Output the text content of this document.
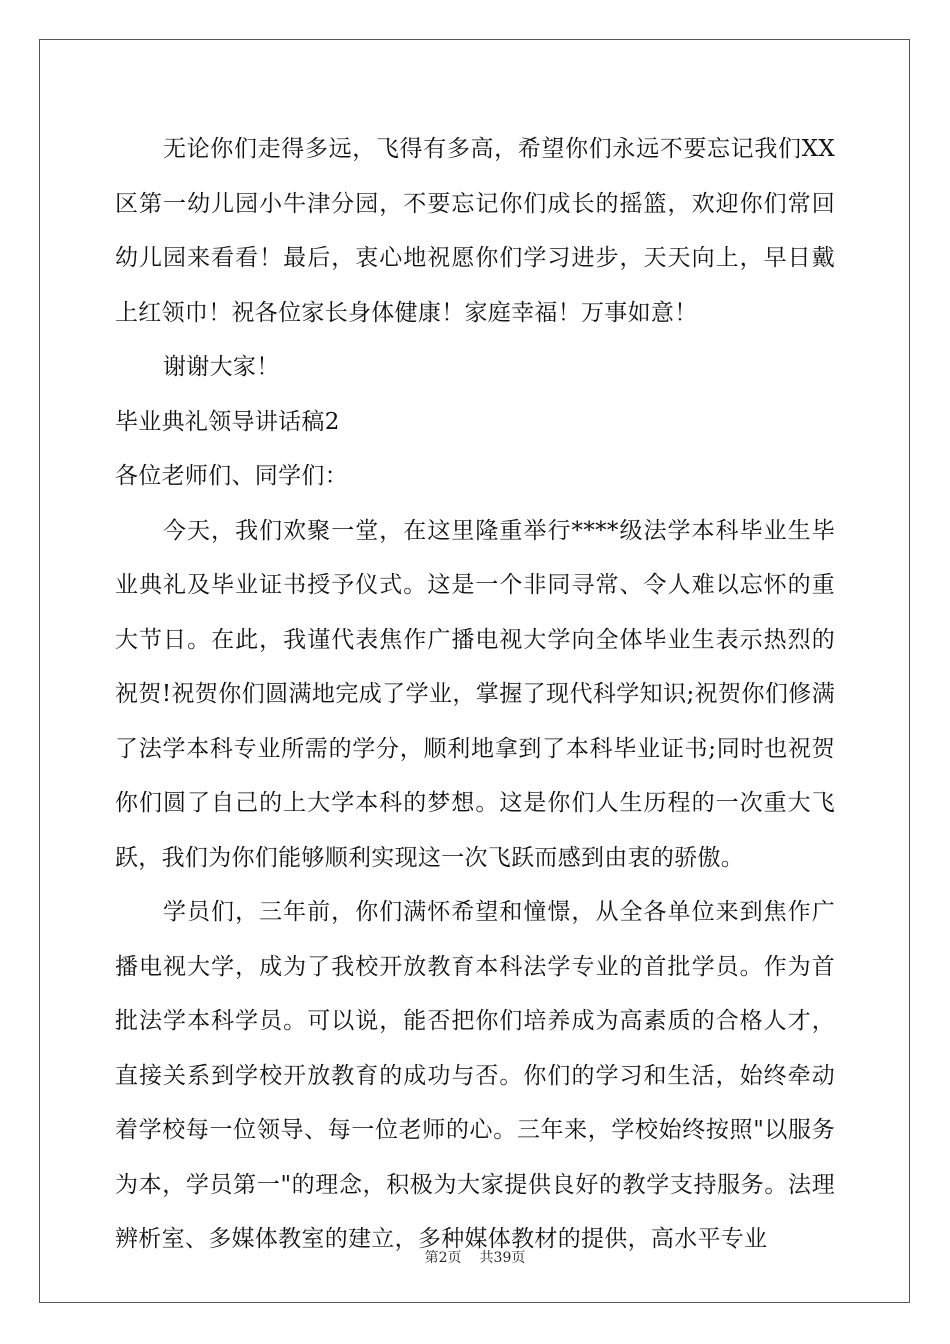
无论你们走得多远，飞得有多高，希望你们永远不要忘记我们XX区第一幼儿园小牛津分园，不要忘记你们成长的摇篮，欢迎你们常回幼儿园来看看！最后，衷心地祝愿你们学习进步，天天向上，早日戴上红领巾！祝各位家长身体健康！家庭幸福！万事如意！

谢谢大家！

毕业典礼领导讲话稿2

各位老师们、同学们：

今天，我们欢聚一堂，在这里隆重举行****级法学本科毕业生毕业典礼及毕业证书授予仪式。这是一个非同寻常、令人难以忘怀的重大节日。在此，我谨代表焦作广播电视大学向全体毕业生表示热烈的祝贺!祝贺你们圆满地完成了学业，掌握了现代科学知识;祝贺你们修满了法学本科专业所需的学分，顺利地拿到了本科毕业证书;同时也祝贺你们圆了自己的上大学本科的梦想。这是你们人生历程的一次重大飞跃，我们为你们能够顺利实现这一次飞跃而感到由衷的骄傲。

学员们，三年前，你们满怀希望和憧憬，从全各单位来到焦作广播电视大学，成为了我校开放教育本科法学专业的首批学员。作为首批法学本科学员。可以说，能否把你们培养成为高素质的合格人才，直接关系到学校开放教育的成功与否。你们的学习和生活，始终牵动着学校每一位领导、每一位老师的心。三年来，学校始终按照"以服务为本，学员第一"的理念，积极为大家提供良好的教学支持服务。法理辨析室、多媒体教室的建立，多种媒体教材的提供，高水平专业

第2页 共39页
